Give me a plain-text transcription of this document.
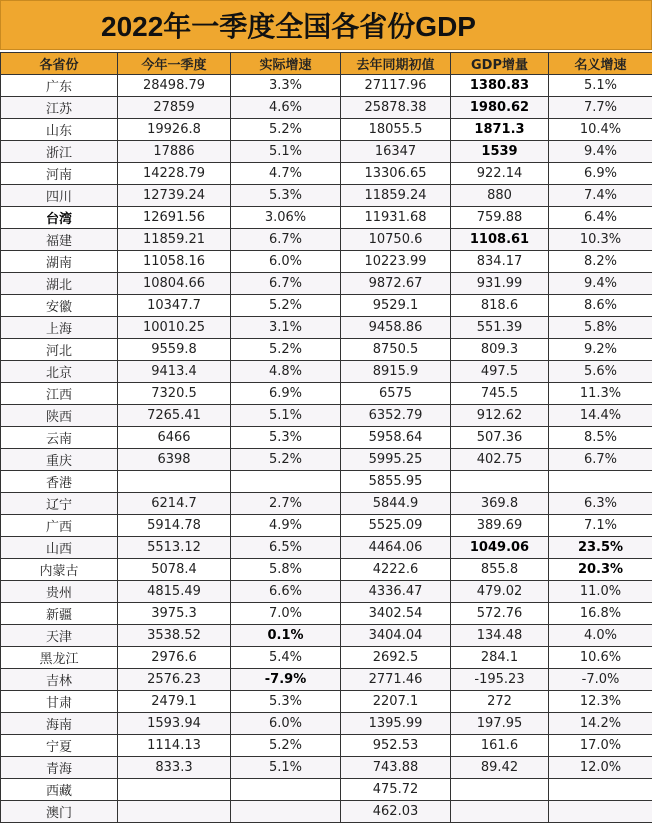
2022年一季度全国各省份GDP
各省份	今年一季度	实际增速	去年同期初值	GDP增量	名义增速
广东	28498.79	3.3%	27117.96	1380.83	5.1%
江苏	27859	4.6%	25878.38	1980.62	7.7%
山东	19926.8	5.2%	18055.5	1871.3	10.4%
浙江	17886	5.1%	16347	1539	9.4%
河南	14228.79	4.7%	13306.65	922.14	6.9%
四川	12739.24	5.3%	11859.24	880	7.4%
台湾	12691.56	3.06%	11931.68	759.88	6.4%
福建	11859.21	6.7%	10750.6	1108.61	10.3%
湖南	11058.16	6.0%	10223.99	834.17	8.2%
湖北	10804.66	6.7%	9872.67	931.99	9.4%
安徽	10347.7	5.2%	9529.1	818.6	8.6%
上海	10010.25	3.1%	9458.86	551.39	5.8%
河北	9559.8	5.2%	8750.5	809.3	9.2%
北京	9413.4	4.8%	8915.9	497.5	5.6%
江西	7320.5	6.9%	6575	745.5	11.3%
陕西	7265.41	5.1%	6352.79	912.62	14.4%
云南	6466	5.3%	5958.64	507.36	8.5%
重庆	6398	5.2%	5995.25	402.75	6.7%
香港			5855.95		
辽宁	6214.7	2.7%	5844.9	369.8	6.3%
广西	5914.78	4.9%	5525.09	389.69	7.1%
山西	5513.12	6.5%	4464.06	1049.06	23.5%
内蒙古	5078.4	5.8%	4222.6	855.8	20.3%
贵州	4815.49	6.6%	4336.47	479.02	11.0%
新疆	3975.3	7.0%	3402.54	572.76	16.8%
天津	3538.52	0.1%	3404.04	134.48	4.0%
黑龙江	2976.6	5.4%	2692.5	284.1	10.6%
吉林	2576.23	-7.9%	2771.46	-195.23	-7.0%
甘肃	2479.1	5.3%	2207.1	272	12.3%
海南	1593.94	6.0%	1395.99	197.95	14.2%
宁夏	1114.13	5.2%	952.53	161.6	17.0%
青海	833.3	5.1%	743.88	89.42	12.0%
西藏			475.72		
澳门			462.03		
